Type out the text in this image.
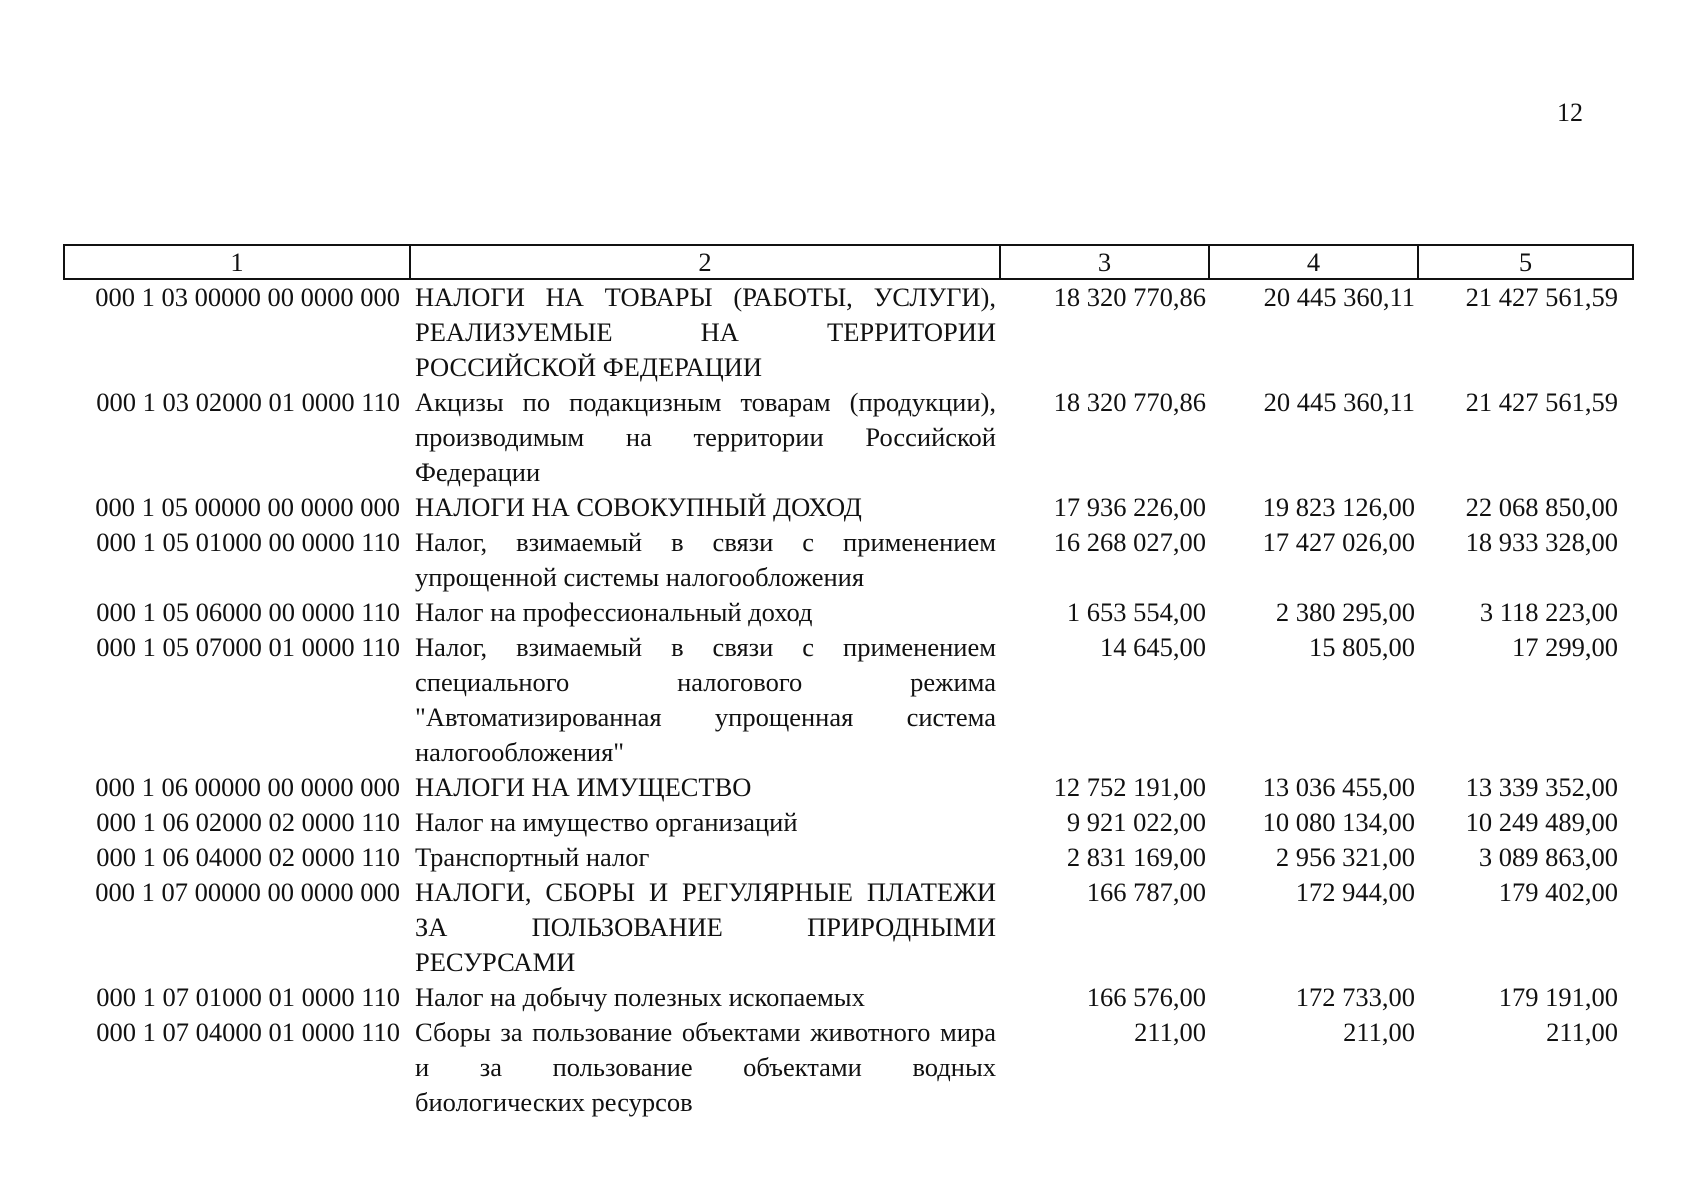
12
1	2	3	4	5
000 1 03 00000 00 0000 000	НАЛОГИ НА ТОВАРЫ (РАБОТЫ, УСЛУГИ), РЕАЛИЗУЕМЫЕ НА ТЕРРИТОРИИ РОССИЙСКОЙ ФЕДЕРАЦИИ	18 320 770,86	20 445 360,11	21 427 561,59
000 1 03 02000 01 0000 110	Акцизы по подакцизным товарам (продукции), производимым на территории Российской Федерации	18 320 770,86	20 445 360,11	21 427 561,59
000 1 05 00000 00 0000 000	НАЛОГИ НА СОВОКУПНЫЙ ДОХОД	17 936 226,00	19 823 126,00	22 068 850,00
000 1 05 01000 00 0000 110	Налог, взимаемый в связи с применением упрощенной системы налогообложения	16 268 027,00	17 427 026,00	18 933 328,00
000 1 05 06000 00 0000 110	Налог на профессиональный доход	1 653 554,00	2 380 295,00	3 118 223,00
000 1 05 07000 01 0000 110	Налог, взимаемый в связи с применением специального налогового режима "Автоматизированная упрощенная система налогообложения"	14 645,00	15 805,00	17 299,00
000 1 06 00000 00 0000 000	НАЛОГИ НА ИМУЩЕСТВО	12 752 191,00	13 036 455,00	13 339 352,00
000 1 06 02000 02 0000 110	Налог на имущество организаций	9 921 022,00	10 080 134,00	10 249 489,00
000 1 06 04000 02 0000 110	Транспортный налог	2 831 169,00	2 956 321,00	3 089 863,00
000 1 07 00000 00 0000 000	НАЛОГИ, СБОРЫ И РЕГУЛЯРНЫЕ ПЛАТЕЖИ ЗА ПОЛЬЗОВАНИЕ ПРИРОДНЫМИ РЕСУРСАМИ	166 787,00	172 944,00	179 402,00
000 1 07 01000 01 0000 110	Налог на добычу полезных ископаемых	166 576,00	172 733,00	179 191,00
000 1 07 04000 01 0000 110	Сборы за пользование объектами животного мира и за пользование объектами водных биологических ресурсов	211,00	211,00	211,00
